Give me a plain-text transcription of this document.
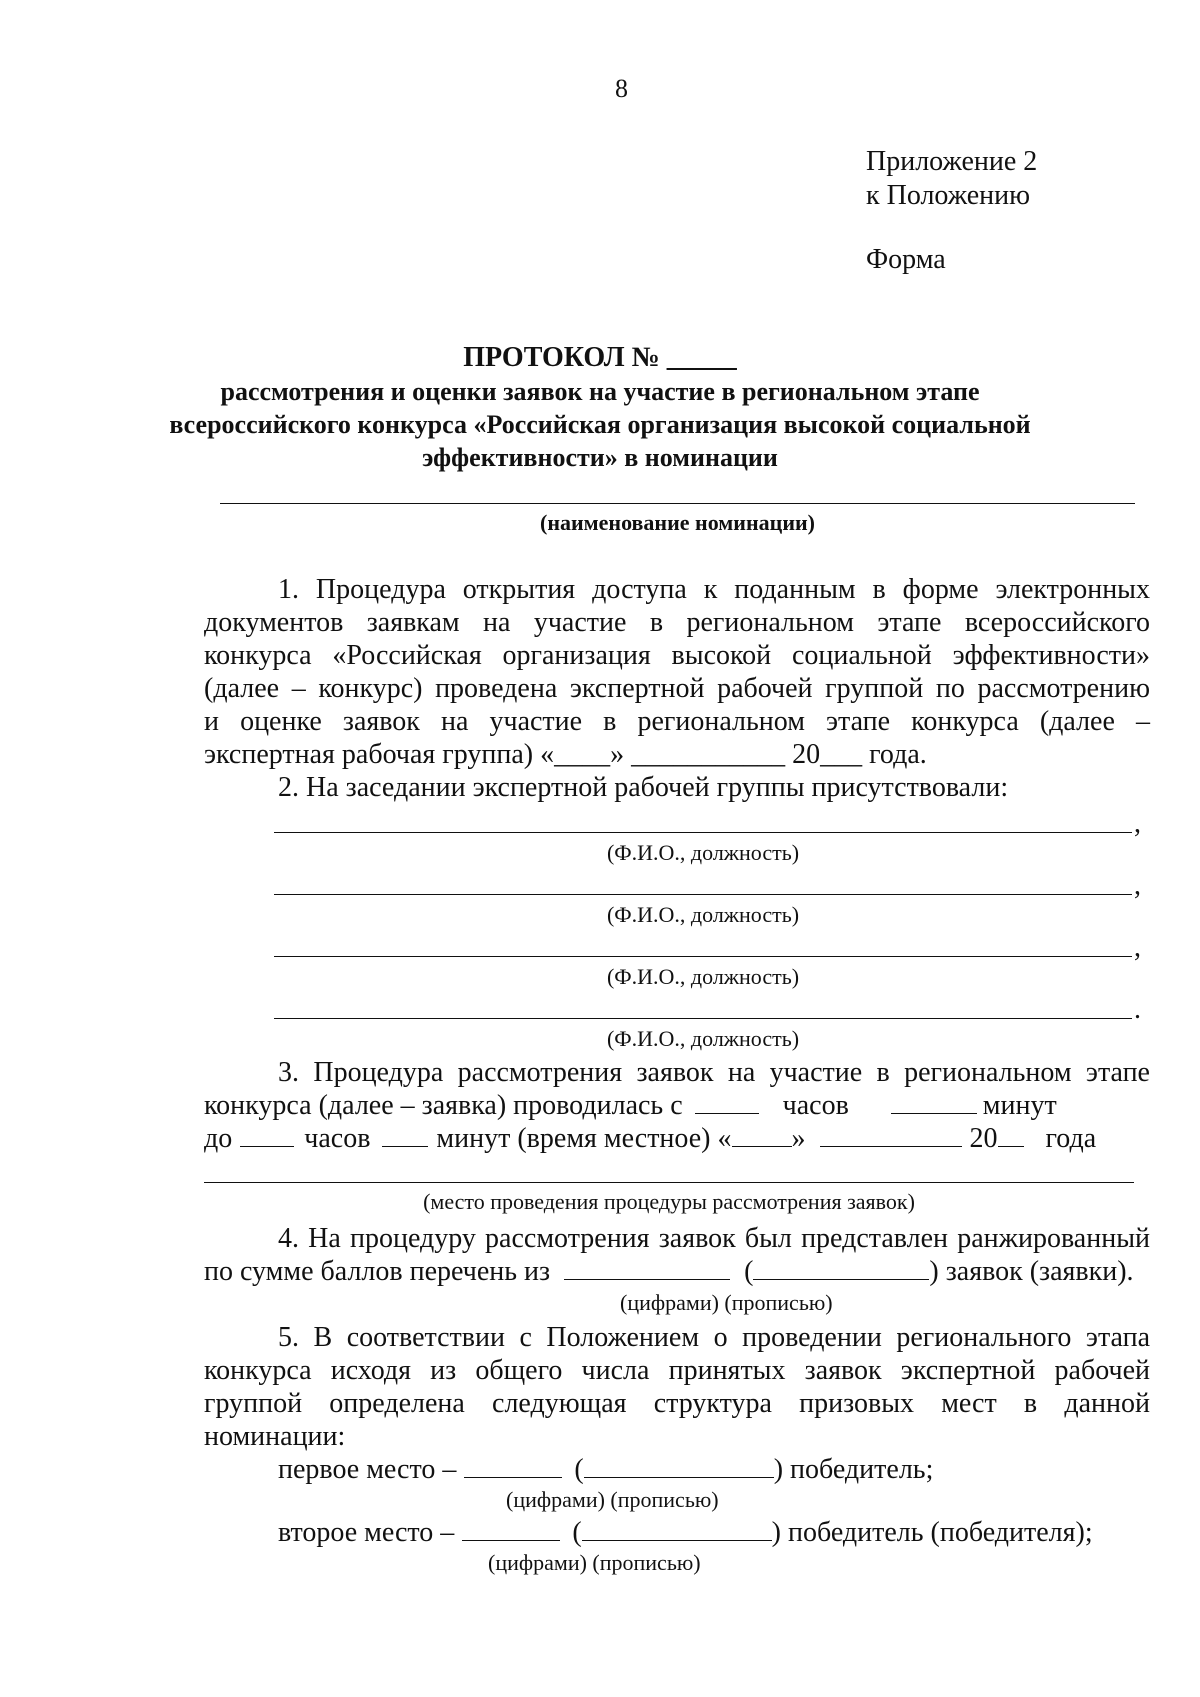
8
Приложение 2
к Положению
Форма
ПРОТОКОЛ № _____
рассмотрения и оценки заявок на участие в региональном этапе
всероссийского конкурса «Российская организация высокой социальной
эффективности» в номинации
(наименование номинации)
1. Процедура открытия доступа к поданным в форме электронных
документов заявкам на участие в региональном этапе всероссийского
конкурса «Российская организация высокой социальной эффективности»
(далее – конкурс) проведена экспертной рабочей группой по рассмотрению
и оценке заявок на участие в региональном этапе конкурса (далее –
экспертная рабочая группа) «____» ___________ 20___ года.
2. На заседании экспертной рабочей группы присутствовали:
,
(Ф.И.О., должность)
,
(Ф.И.О., должность)
,
(Ф.И.О., должность)
.
(Ф.И.О., должность)
3. Процедура рассмотрения заявок на участие в региональном этапе
конкурса (далее – заявка) проводилась с	часов	минут
до	часов минут (время местное) « »	20 года
(место проведения процедуры рассмотрения заявок)
4. На процедуру рассмотрения заявок был представлен ранжированный
по сумме баллов перечень из	(	) заявок (заявки).
(цифрами) (прописью)
5. В соответствии с Положением о проведении регионального этапа
конкурса исходя из общего числа принятых заявок экспертной рабочей
группой определена следующая структура призовых мест в данной
номинации:
первое место –	(	) победитель;
(цифрами) (прописью)
второе место –	(	) победитель (победителя);
(цифрами) (прописью)
